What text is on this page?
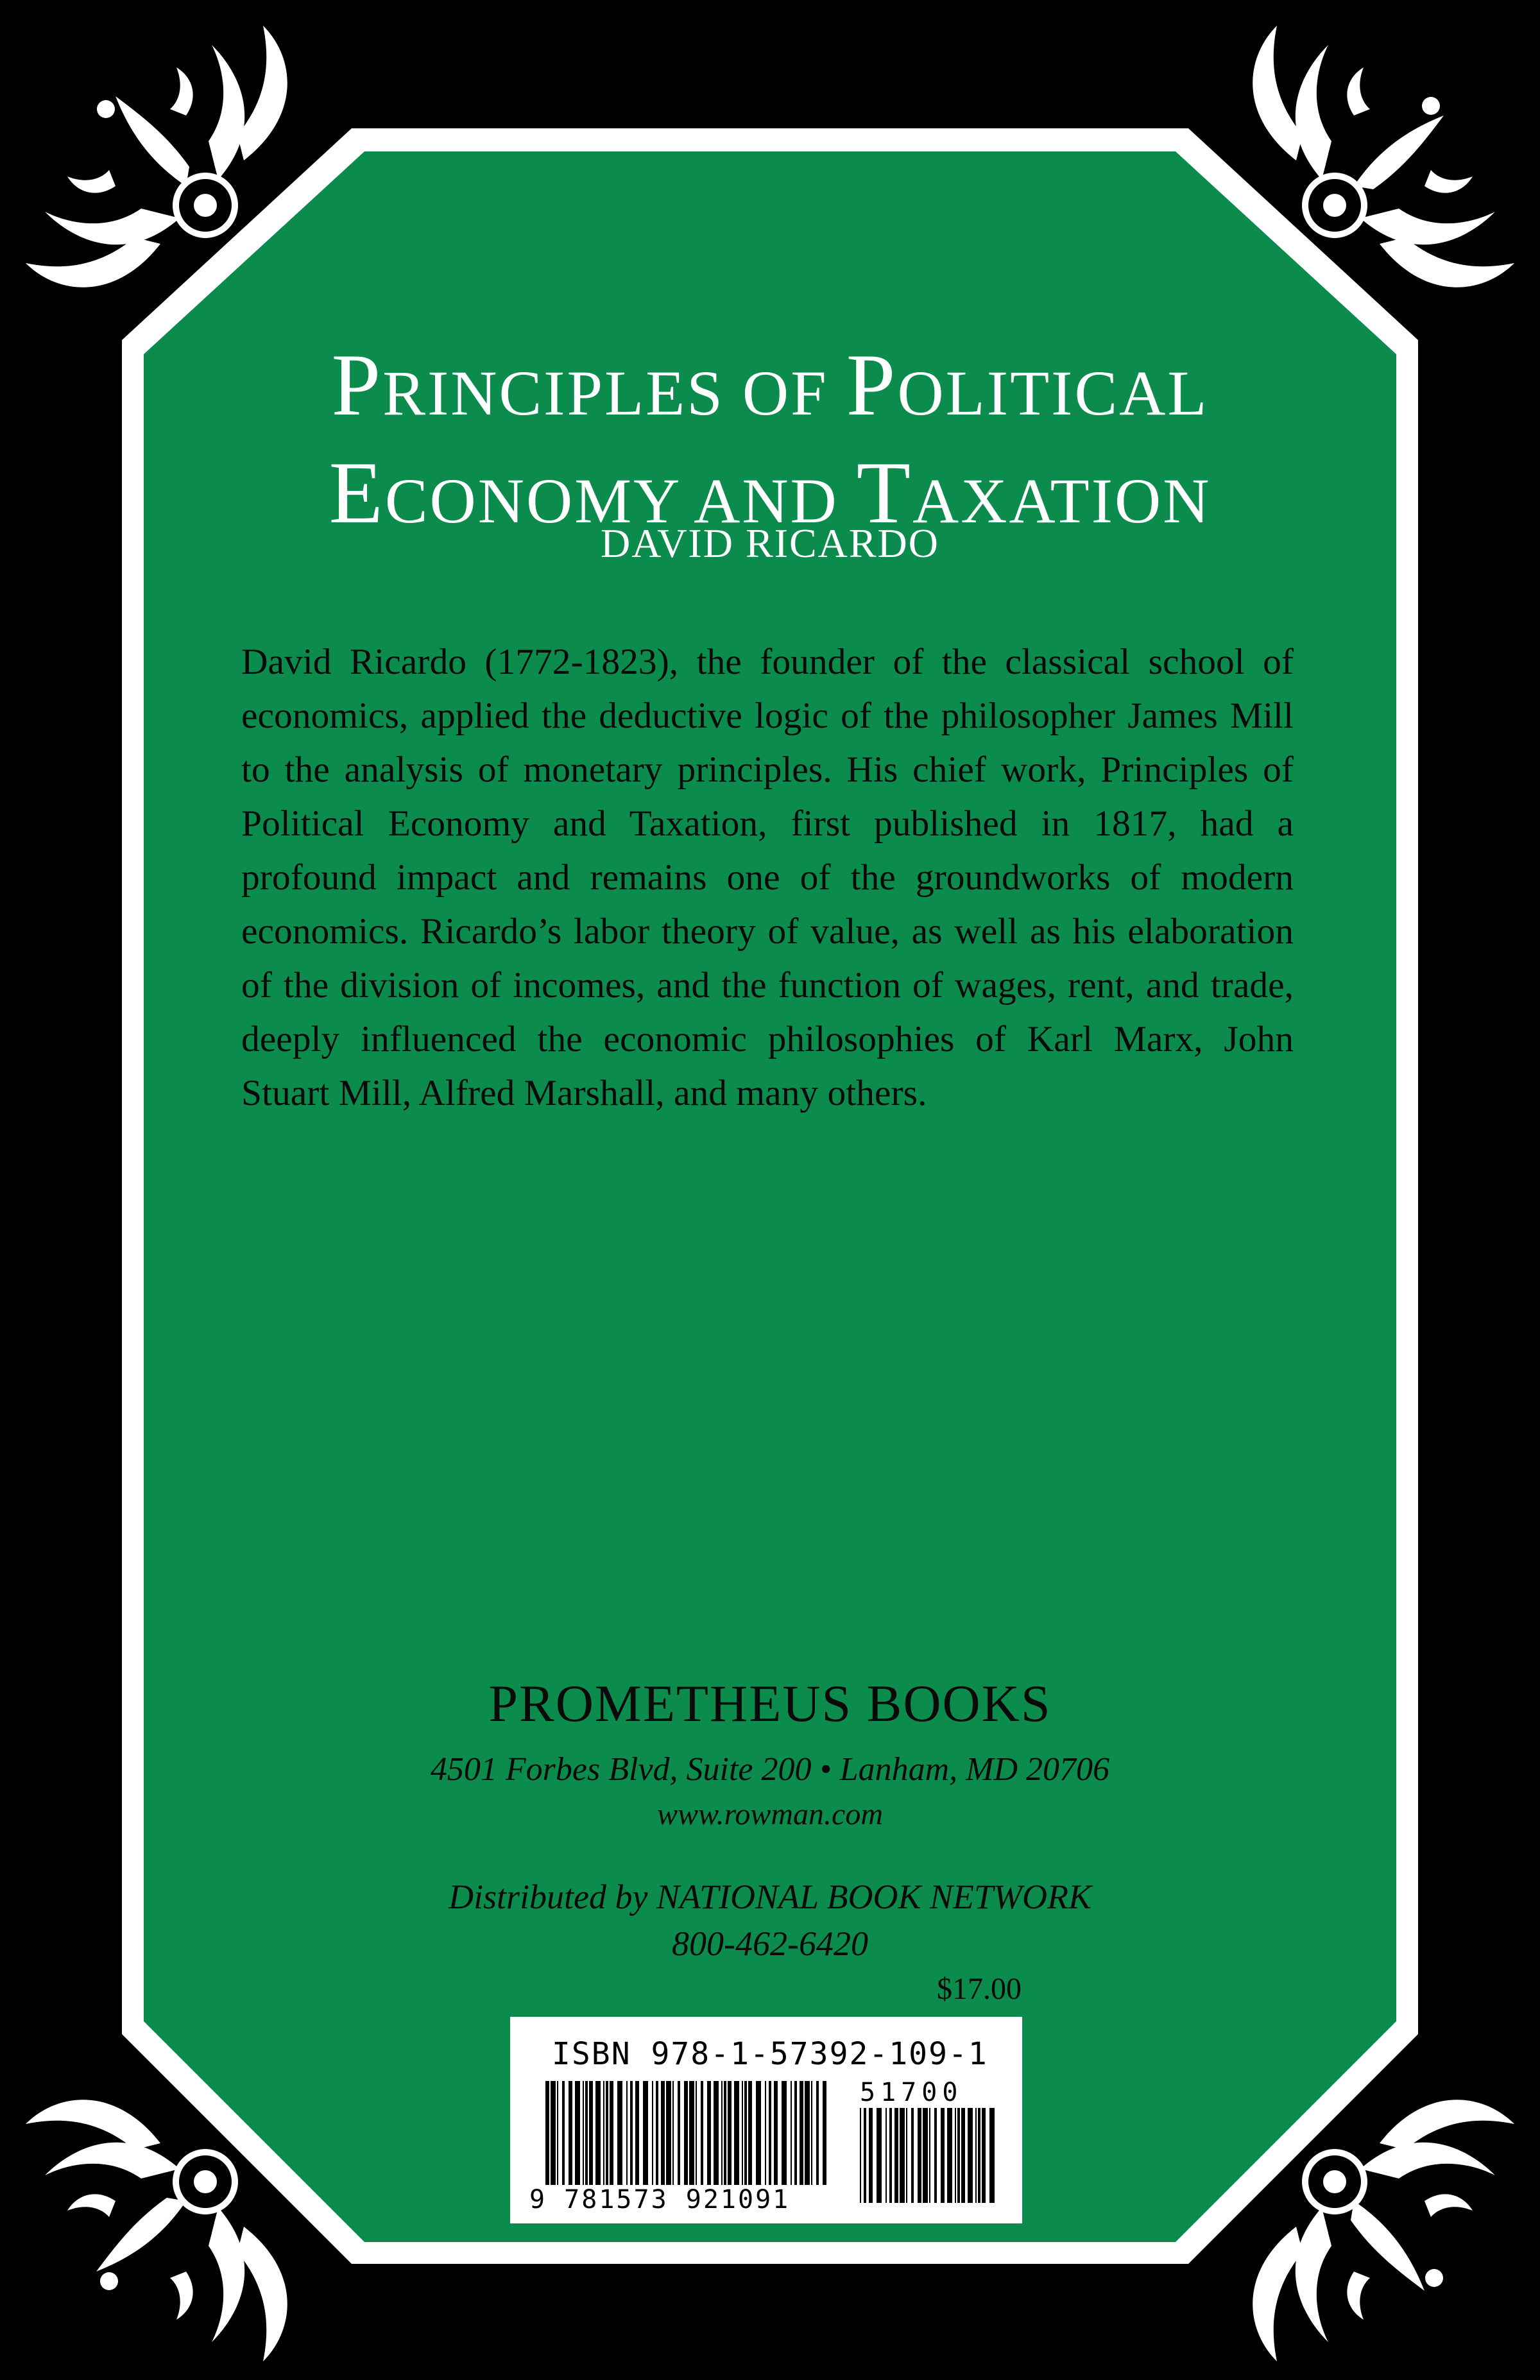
PRINCIPLES OF POLITICAL
ECONOMY AND TAXATION
DAVID RICARDO
David Ricardo (1772-1823), the founder of the classical school of economics, applied the deductive logic of the philosopher James Mill to the analysis of monetary principles. His chief work, Principles of Political Economy and Taxation, first published in 1817, had a profound impact and remains one of the groundworks of modern economics. Ricardo’s labor theory of value, as well as his elaboration of the division of incomes, and the function of wages, rent, and trade, deeply influenced the economic philosophies of Karl Marx, John Stuart Mill, Alfred Marshall, and many others.
PROMETHEUS BOOKS
4501 Forbes Blvd, Suite 200 • Lanham, MD 20706
www.rowman.com
Distributed by NATIONAL BOOK NETWORK
800-462-6420
$17.00
ISBN 978-1-57392-109-1
51700
9 781573 921091
